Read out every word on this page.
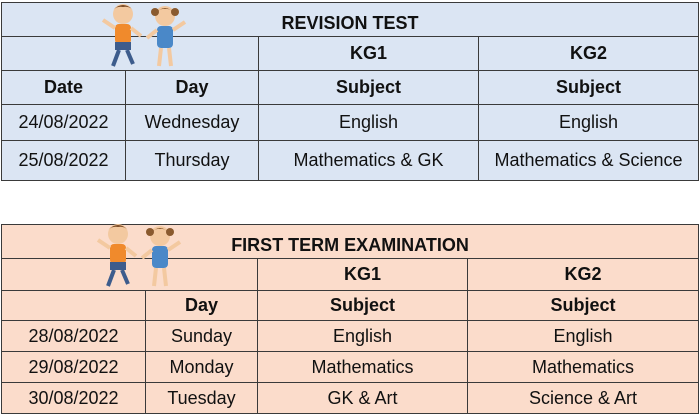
REVISION TEST			
		KG1	KG2
Date	Day	Subject	Subject
24/08/2022	Wednesday	English	English
25/08/2022	Thursday	Mathematics & GK	Mathematics & Science
FIRST TERM EXAMINATION			
		KG1	KG2
	Day	Subject	Subject
28/08/2022	Sunday	English	English
29/08/2022	Monday	Mathematics	Mathematics
30/08/2022	Tuesday	GK & Art	Science & Art
